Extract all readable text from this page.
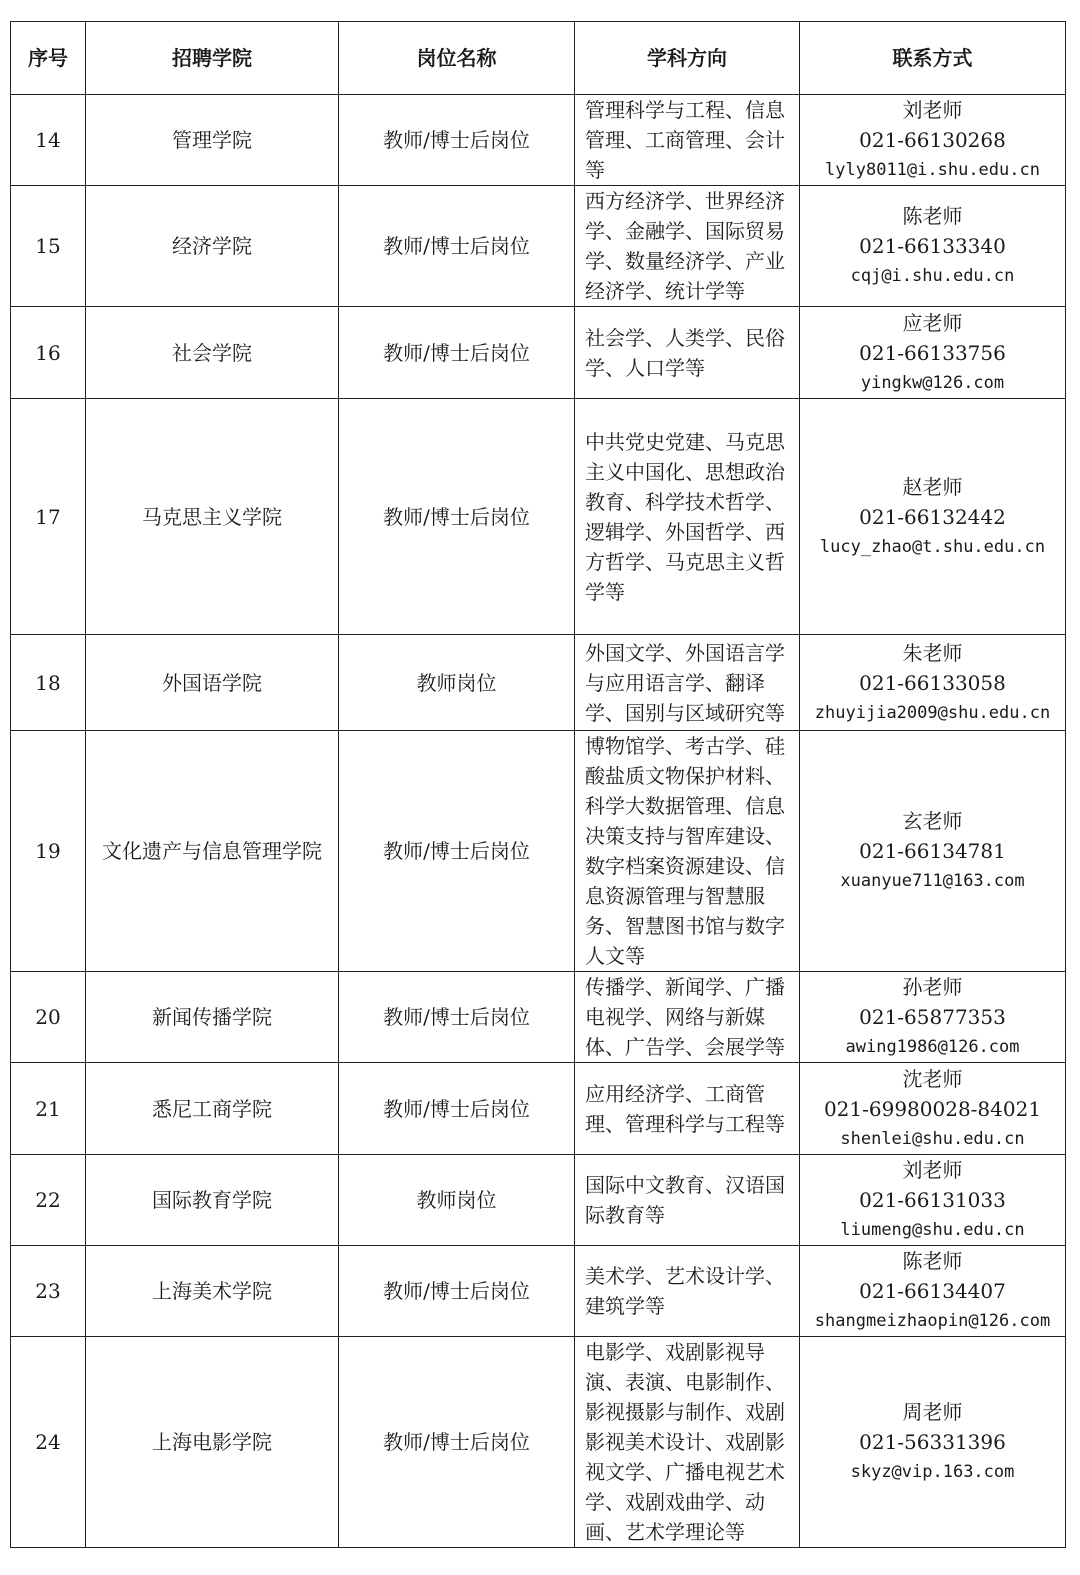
序号	招聘学院	岗位名称	学科方向	联系方式
14	管理学院	教师/博士后岗位	管理科学与工程、信息管理、工商管理、会计等	刘老师
021-66130268
lyly8011@i.shu.edu.cn

15	经济学院	教师/博士后岗位	西方经济学、世界经济学、金融学、国际贸易学、数量经济学、产业经济学、统计学等	陈老师
021-66133340
cqj@i.shu.edu.cn

16	社会学院	教师/博士后岗位	社会学、人类学、民俗学、人口学等	应老师
021-66133756
yingkw@126.com

17	马克思主义学院	教师/博士后岗位	中共党史党建、马克思主义中国化、思想政治教育、科学技术哲学、逻辑学、外国哲学、西方哲学、马克思主义哲学等	赵老师
021-66132442
lucy_zhao@t.shu.edu.cn

18	外国语学院	教师岗位	外国文学、外国语言学与应用语言学、翻译学、国别与区域研究等	朱老师
021-66133058
zhuyijia2009@shu.edu.cn

19	文化遗产与信息管理学院	教师/博士后岗位	博物馆学、考古学、硅酸盐质文物保护材料、科学大数据管理、信息决策支持与智库建设、数字档案资源建设、信息资源管理与智慧服务、智慧图书馆与数字人文等	玄老师
021-66134781
xuanyue711@163.com

20	新闻传播学院	教师/博士后岗位	传播学、新闻学、广播电视学、网络与新媒体、广告学、会展学等	孙老师
021-65877353
awing1986@126.com

21	悉尼工商学院	教师/博士后岗位	应用经济学、工商管理、管理科学与工程等	沈老师
021-69980028-84021
shenlei@shu.edu.cn

22	国际教育学院	教师岗位	国际中文教育、汉语国际教育等	刘老师
021-66131033
liumeng@shu.edu.cn

23	上海美术学院	教师/博士后岗位	美术学、艺术设计学、建筑学等	陈老师
021-66134407
shangmeizhaopin@126.com

24	上海电影学院	教师/博士后岗位	电影学、戏剧影视导演、表演、电影制作、影视摄影与制作、戏剧影视美术设计、戏剧影视文学、广播电视艺术学、戏剧戏曲学、动画、艺术学理论等	周老师
021-56331396
skyz@vip.163.com
